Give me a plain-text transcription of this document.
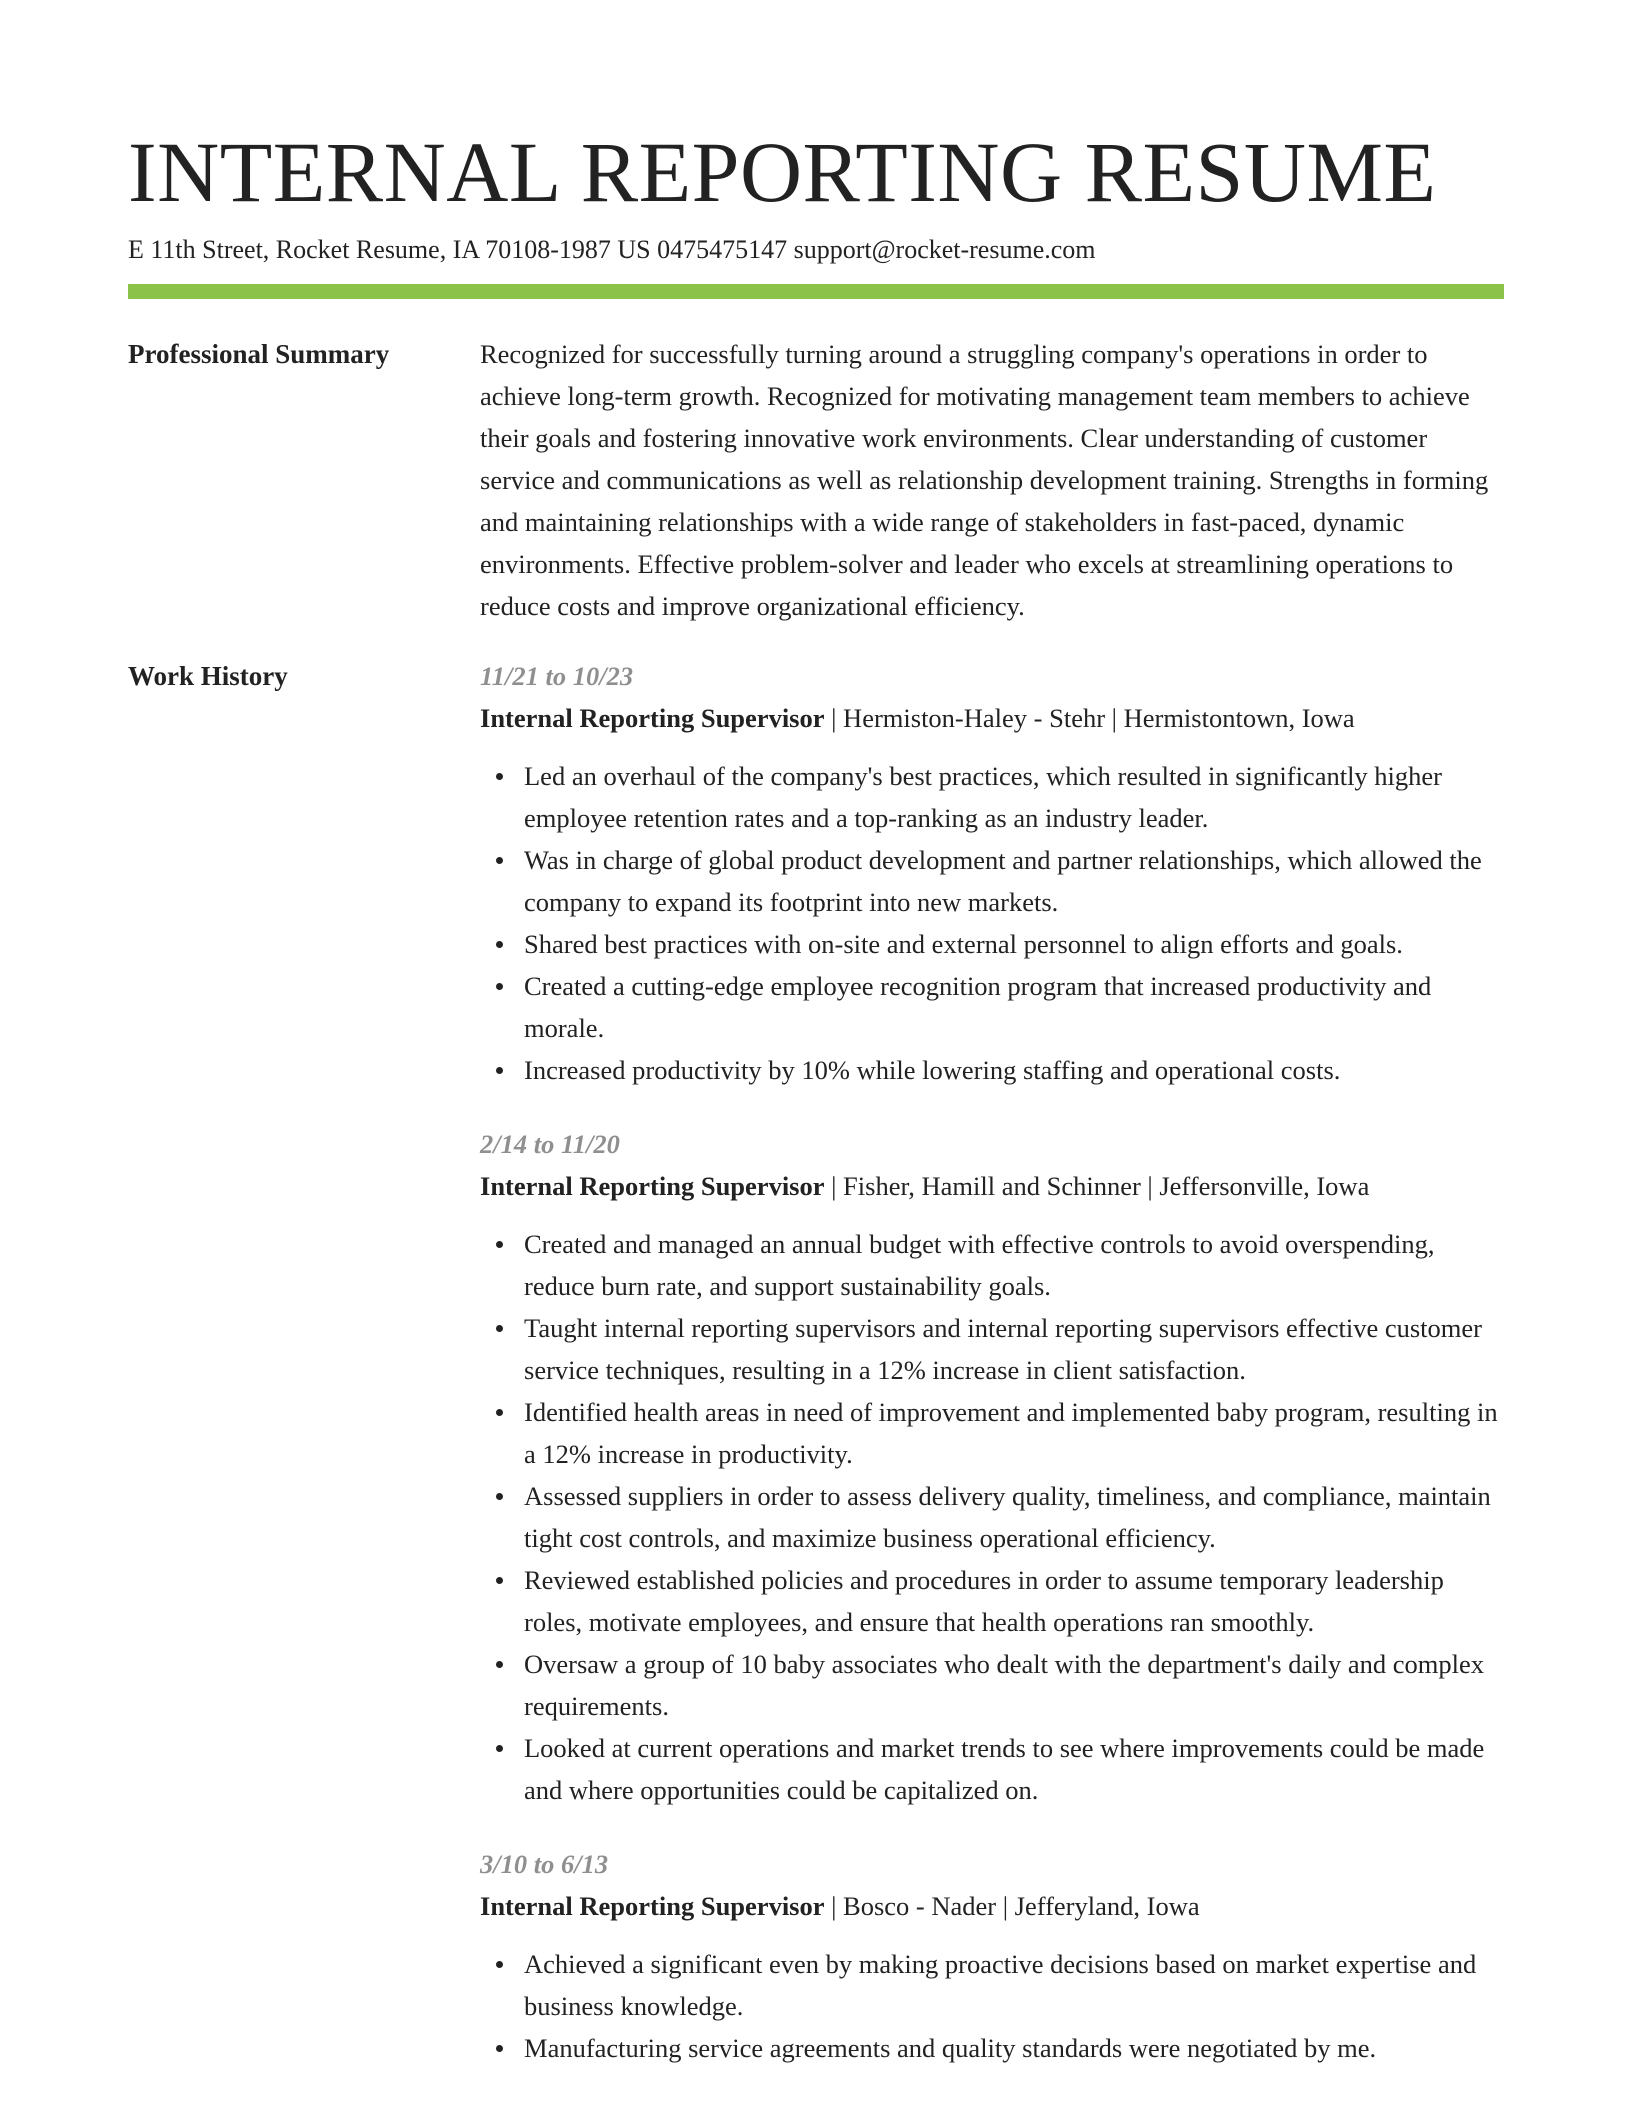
INTERNAL REPORTING RESUME
E 11th Street, Rocket Resume, IA 70108-1987 US 0475475147 support@rocket-resume.com
Professional Summary	Recognized for successfully turning around a struggling company's operations in order to achieve long-term growth. Recognized for motivating management team members to achieve their goals and fostering innovative work environments. Clear understanding of customer service and communications as well as relationship development training. Strengths in forming and maintaining relationships with a wide range of stakeholders in fast-paced, dynamic environments. Effective problem-solver and leader who excels at streamlining operations to reduce costs and improve organizational efficiency.

Work History	11/21 to 10/23
Internal Reporting Supervisor | Hermiston-Haley - Stehr | Hermistontown, Iowa
Led an overhaul of the company's best practices, which resulted in significantly higher employee retention rates and a top-ranking as an industry leader.
Was in charge of global product development and partner relationships, which allowed the company to expand its footprint into new markets.
Shared best practices with on-site and external personnel to align efforts and goals.
Created a cutting-edge employee recognition program that increased productivity and morale.
Increased productivity by 10% while lowering staffing and operational costs.
2/14 to 11/20
Internal Reporting Supervisor | Fisher, Hamill and Schinner | Jeffersonville, Iowa
Created and managed an annual budget with effective controls to avoid overspending, reduce burn rate, and support sustainability goals.
Taught internal reporting supervisors and internal reporting supervisors effective customer service techniques, resulting in a 12% increase in client satisfaction.
Identified health areas in need of improvement and implemented baby program, resulting in a 12% increase in productivity.
Assessed suppliers in order to assess delivery quality, timeliness, and compliance, maintain tight cost controls, and maximize business operational efficiency.
Reviewed established policies and procedures in order to assume temporary leadership roles, motivate employees, and ensure that health operations ran smoothly.
Oversaw a group of 10 baby associates who dealt with the department's daily and complex requirements.
Looked at current operations and market trends to see where improvements could be made and where opportunities could be capitalized on.
3/10 to 6/13
Internal Reporting Supervisor | Bosco - Nader | Jefferyland, Iowa
Achieved a significant even by making proactive decisions based on market expertise and business knowledge.
Manufacturing service agreements and quality standards were negotiated by me.
